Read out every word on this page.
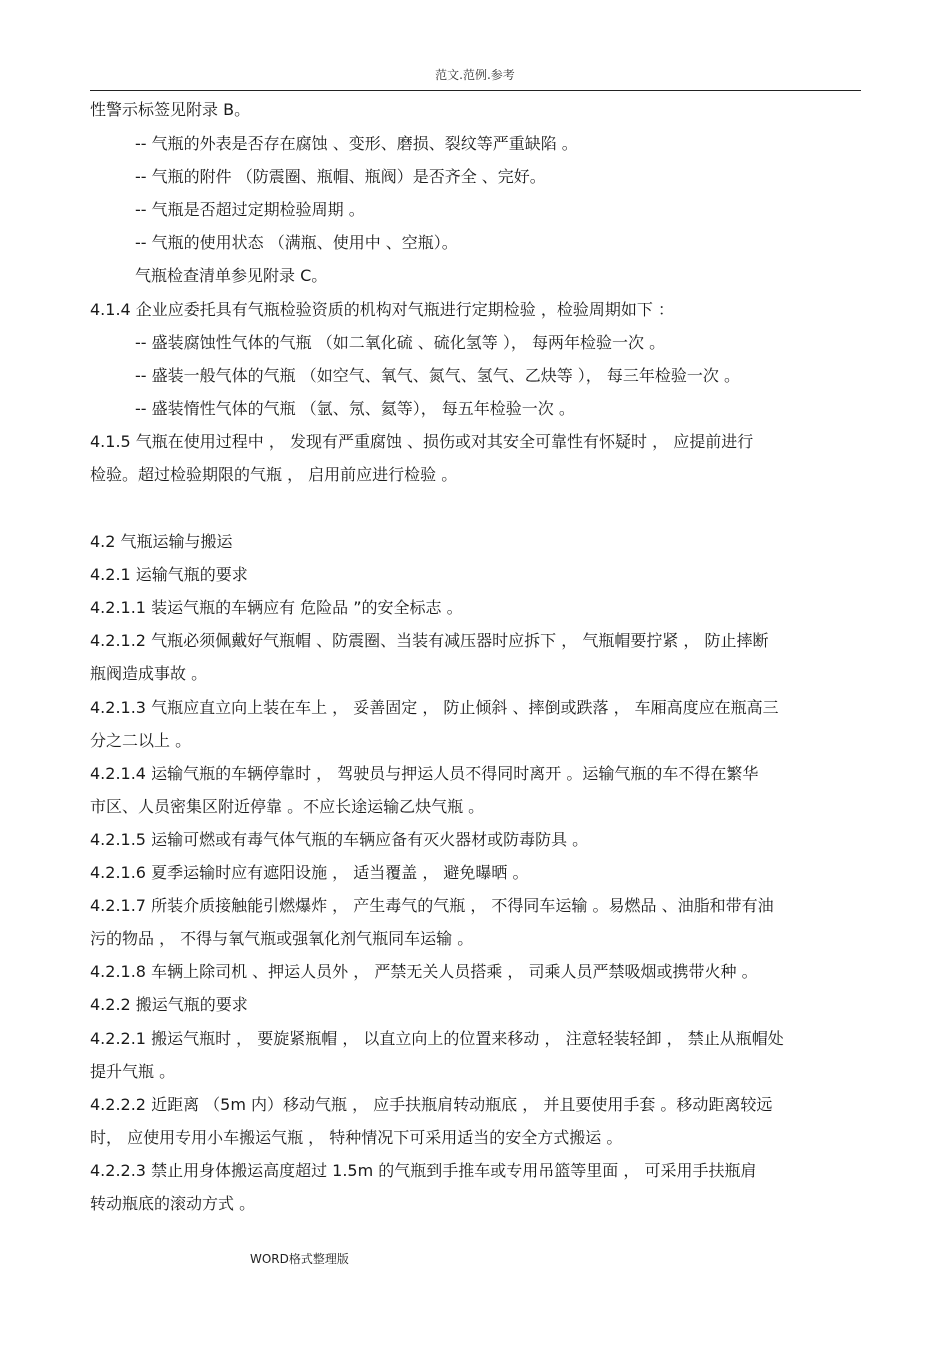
范文.范例.参考
性警示标签见附录 B。
-- 气瓶的外表是否存在腐蚀 、变形、磨损、裂纹等严重缺陷 。
-- 气瓶的附件 （防震圈、瓶帽、瓶阀）是否齐全 、完好。
-- 气瓶是否超过定期检验周期 。
-- 气瓶的使用状态 （满瓶、使用中 、空瓶）。
气瓶检查清单参见附录 C。
4.1.4 企业应委托具有气瓶检验资质的机构对气瓶进行定期检验 ，检验周期如下 ：
-- 盛装腐蚀性气体的气瓶 （如二氧化硫 、硫化氢等 ）， 每两年检验一次 。
-- 盛装一般气体的气瓶 （如空气、氧气、氮气、氢气、乙炔等 ）， 每三年检验一次 。
-- 盛装惰性气体的气瓶 （氩、氖、氦等）， 每五年检验一次 。
4.1.5 气瓶在使用过程中 ， 发现有严重腐蚀 、损伤或对其安全可靠性有怀疑时 ， 应提前进行
检验。超过检验期限的气瓶 ， 启用前应进行检验 。
4.2 气瓶运输与搬运
4.2.1 运输气瓶的要求
4.2.1.1 装运气瓶的车辆应有 危险品 ”的安全标志 。
4.2.1.2 气瓶必须佩戴好气瓶帽 、防震圈、当装有减压器时应拆下 ， 气瓶帽要拧紧 ， 防止摔断
瓶阀造成事故 。
4.2.1.3 气瓶应直立向上装在车上 ， 妥善固定 ， 防止倾斜 、摔倒或跌落 ， 车厢高度应在瓶高三
分之二以上 。
4.2.1.4 运输气瓶的车辆停靠时 ， 驾驶员与押运人员不得同时离开 。运输气瓶的车不得在繁华
市区、人员密集区附近停靠 。不应长途运输乙炔气瓶 。
4.2.1.5 运输可燃或有毒气体气瓶的车辆应备有灭火器材或防毒防具 。
4.2.1.6 夏季运输时应有遮阳设施 ， 适当覆盖 ， 避免曝晒 。
4.2.1.7 所装介质接触能引燃爆炸 ， 产生毒气的气瓶 ， 不得同车运输 。易燃品 、油脂和带有油
污的物品 ， 不得与氧气瓶或强氧化剂气瓶同车运输 。
4.2.1.8 车辆上除司机 、押运人员外 ， 严禁无关人员搭乘 ， 司乘人员严禁吸烟或携带火种 。
4.2.2 搬运气瓶的要求
4.2.2.1 搬运气瓶时 ， 要旋紧瓶帽 ， 以直立向上的位置来移动 ， 注意轻装轻卸 ， 禁止从瓶帽处
提升气瓶 。
4.2.2.2 近距离 （5m 内）移动气瓶 ， 应手扶瓶肩转动瓶底 ， 并且要使用手套 。移动距离较远
时， 应使用专用小车搬运气瓶 ， 特种情况下可采用适当的安全方式搬运 。
4.2.2.3 禁止用身体搬运高度超过 1.5m 的气瓶到手推车或专用吊篮等里面 ， 可采用手扶瓶肩
转动瓶底的滚动方式 。
WORD格式整理版
